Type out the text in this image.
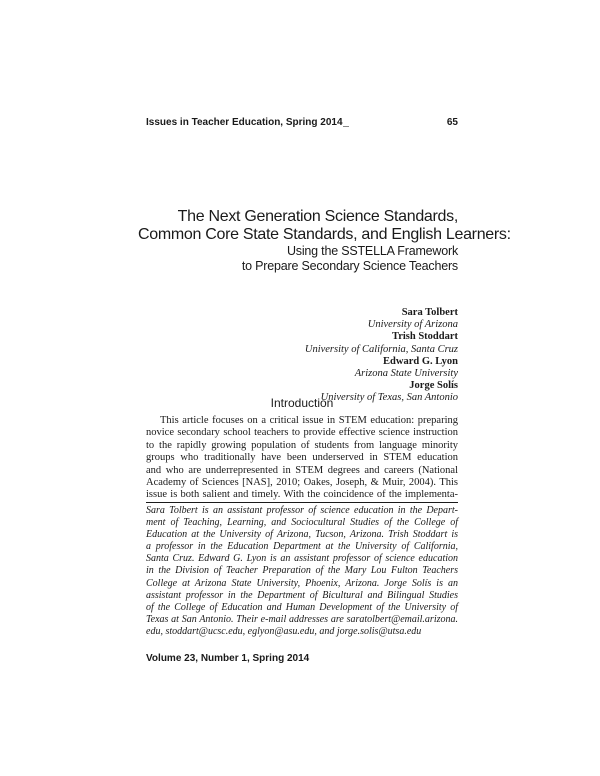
Issues in Teacher Education, Spring 2014	65
The Next Generation Science Standards,
Common Core State Standards, and English Learners:
Using the SSTELLA Framework
to Prepare Secondary Science Teachers
Sara Tolbert
University of Arizona
Trish Stoddart
University of California, Santa Cruz
Edward G. Lyon
Arizona State University
Jorge Solís
University of Texas, San Antonio
Introduction
This article focuses on a critical issue in STEM education: preparing
novice secondary school teachers to provide effective science instruction
to the rapidly growing population of students from language minority
groups who traditionally have been underserved in STEM education
and who are underrepresented in STEM degrees and careers (National
Academy of Sciences [NAS], 2010; Oakes, Joseph, & Muir, 2004). This
issue is both salient and timely. With the coincidence of the implementa-
Sara Tolbert is an assistant professor of science education in the Depart-
ment of Teaching, Learning, and Sociocultural Studies of the College of
Education at the University of Arizona, Tucson, Arizona. Trish Stoddart is
a professor in the Education Department at the University of California,
Santa Cruz. Edward G. Lyon is an assistant professor of science education
in the Division of Teacher Preparation of the Mary Lou Fulton Teachers
College at Arizona State University, Phoenix, Arizona. Jorge Solís is an
assistant professor in the Department of Bicultural and Bilingual Studies
of the College of Education and Human Development of the University of
Texas at San Antonio. Their e-mail addresses are saratolbert@email.arizona.
edu, stoddart@ucsc.edu, eglyon@asu.edu, and jorge.solis@utsa.edu
Volume 23, Number 1, Spring 2014
